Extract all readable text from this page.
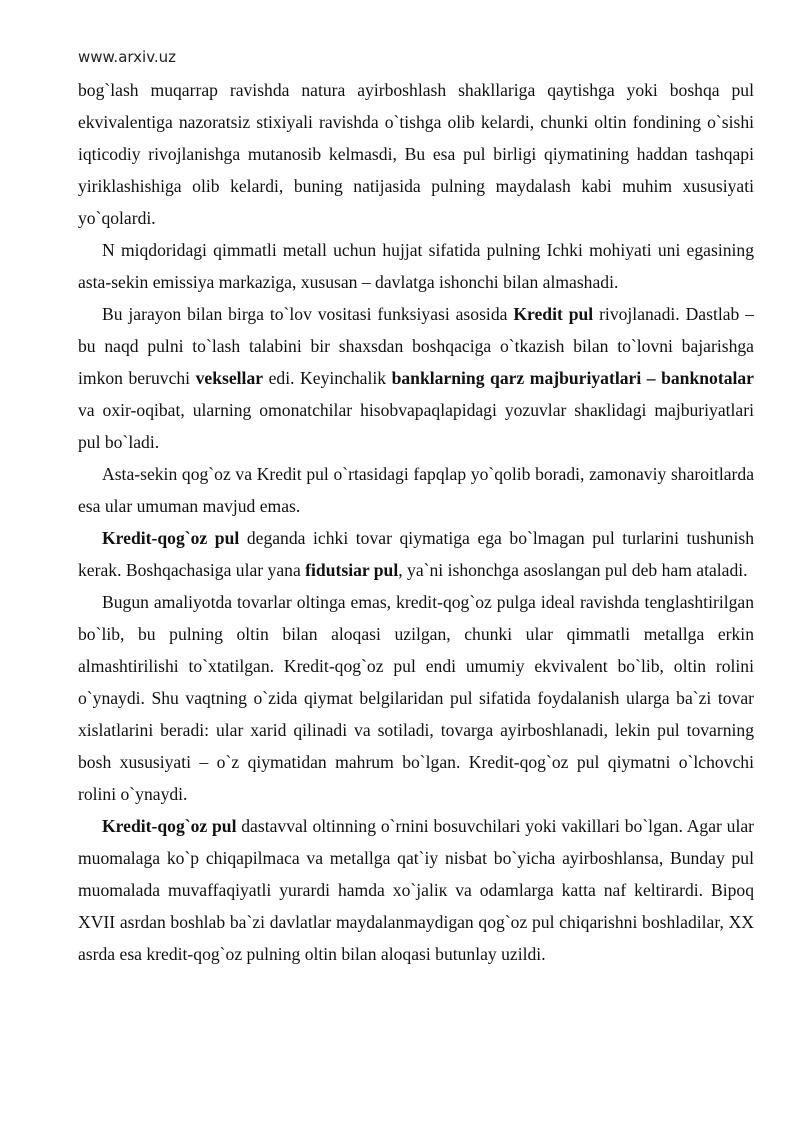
www.arxiv.uz

bog`lash muqarrap ravishda natura ayirboshlash shakllariga qaytishga yoki boshqa pul ekvivalentiga nazoratsiz stixiyali ravishda o`tishga olib kelardi, chunki oltin fondining o`sishi iqticodiy rivojlanishga mutanosib kelmasdi, Bu esa pul birligi qiymatining haddan tashqapi yiriklashishiga olib kelardi, buning natijasida pulning maydalash kabi muhim xususiyati yo`qolardi.

N miqdoridagi qimmatli metall uchun hujjat sifatida pulning Ichki mohiyati uni egasining asta-sekin emissiya markaziga, xususan – davlatga ishonchi bilan almashadi.

Bu jarayon bilan birga to`lov vositasi funksiyasi asosida Kredit pul rivojlanadi. Dastlab – bu naqd pulni to`lash talabini bir shaxsdan boshqaciga o`tkazish bilan to`lovni bajarishga imkon beruvchi veksellar edi. Keyinchalik banklarning qarz majburiyatlari – banknotalar va oxir-oqibat, ularning omonatchilar hisobvapaqlapidagi yozuvlar shaкlidagi majburiyatlari pul bo`ladi.

Asta-sekin qog`oz va Kredit pul o`rtasidagi fapqlap yo`qolib boradi, zamonaviy sharoitlarda esa ular umuman mavjud emas.

Kredit-qog`oz pul deganda ichki tovar qiymatiga ega bo`lmagan pul turlarini tushunish kerak. Boshqachasiga ular yana fidutsiar pul, ya`ni ishonchga asoslangan pul deb ham ataladi.

Bugun amaliyotda tovarlar oltinga emas, kredit-qog`oz pulga ideal ravishda tenglashtirilgan bo`lib, bu pulning oltin bilan aloqasi uzilgan, chunki ular qimmatli metallga erkin almashtirilishi to`xtatilgan. Kredit-qog`oz pul endi umumiy ekvivalent bo`lib, oltin rolini o`ynaydi. Shu vaqtning o`zida qiymat belgilaridan pul sifatida foydalanish ularga ba`zi tovar xislatlarini beradi: ular xarid qilinadi va sotiladi, tovarga ayirboshlanadi, lekin pul tovarning bosh xususiyati – o`z qiymatidan mahrum bo`lgan. Kredit-qog`oz pul qiymatni o`lchovchi rolini o`ynaydi.

Kredit-qog`oz pul dastavval oltinning o`rnini bosuvchilari yoki vakillari bo`lgan. Agar ular muomalaga ko`p chiqapilmaca va metallga qat`iy nisbat bo`yicha ayirboshlansa, Bunday pul muomalada muvaffaqiyatli yurardi hamda xo`jalік va odamlarga katta naf keltirardi. Bipoq XVII asrdan boshlab ba`zi davlatlar maydalanmaydigan qog`oz pul chiqarishni boshladilar, XX asrda esa kredit-qog`oz pulning oltin bilan aloqasi butunlay uzildi.
